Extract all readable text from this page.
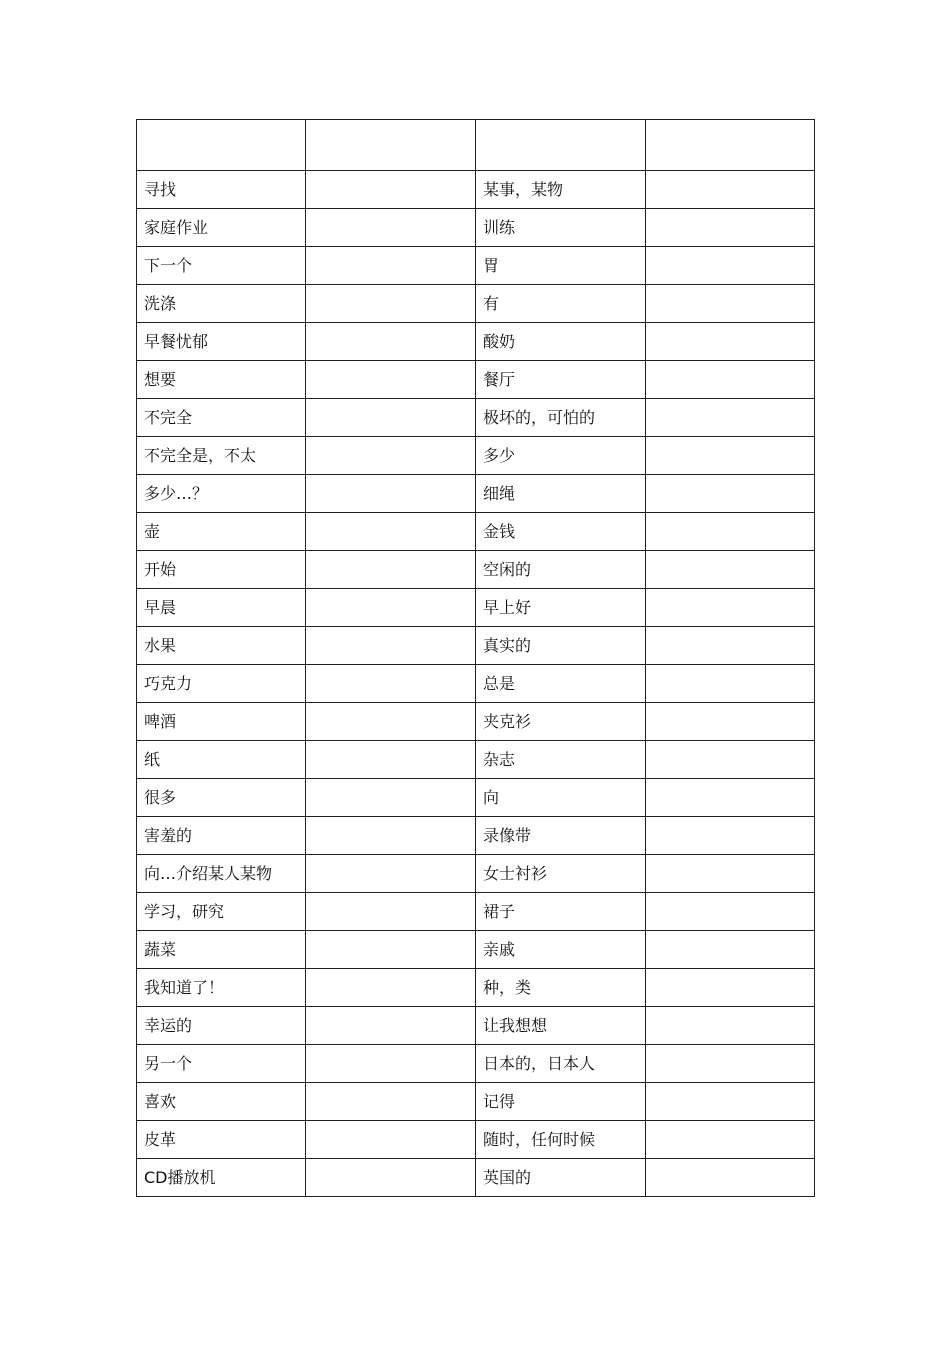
寻找		某事，某物	
家庭作业		训练	
下一个		胃	
洗涤		有	
早餐忧郁		酸奶	
想要		餐厅	
不完全		极坏的，可怕的	
不完全是，不太		多少	
多少…？		细绳	
壶		金钱	
开始		空闲的	
早晨		早上好	
水果		真实的	
巧克力		总是	
啤酒		夹克衫	
纸		杂志	
很多		向	
害羞的		录像带	
向…介绍某人某物		女士衬衫	
学习，研究		裙子	
蔬菜		亲戚	
我知道了！		种，类	
幸运的		让我想想	
另一个		日本的，日本人	
喜欢		记得	
皮革		随时，任何时候	
CD播放机		英国的	
